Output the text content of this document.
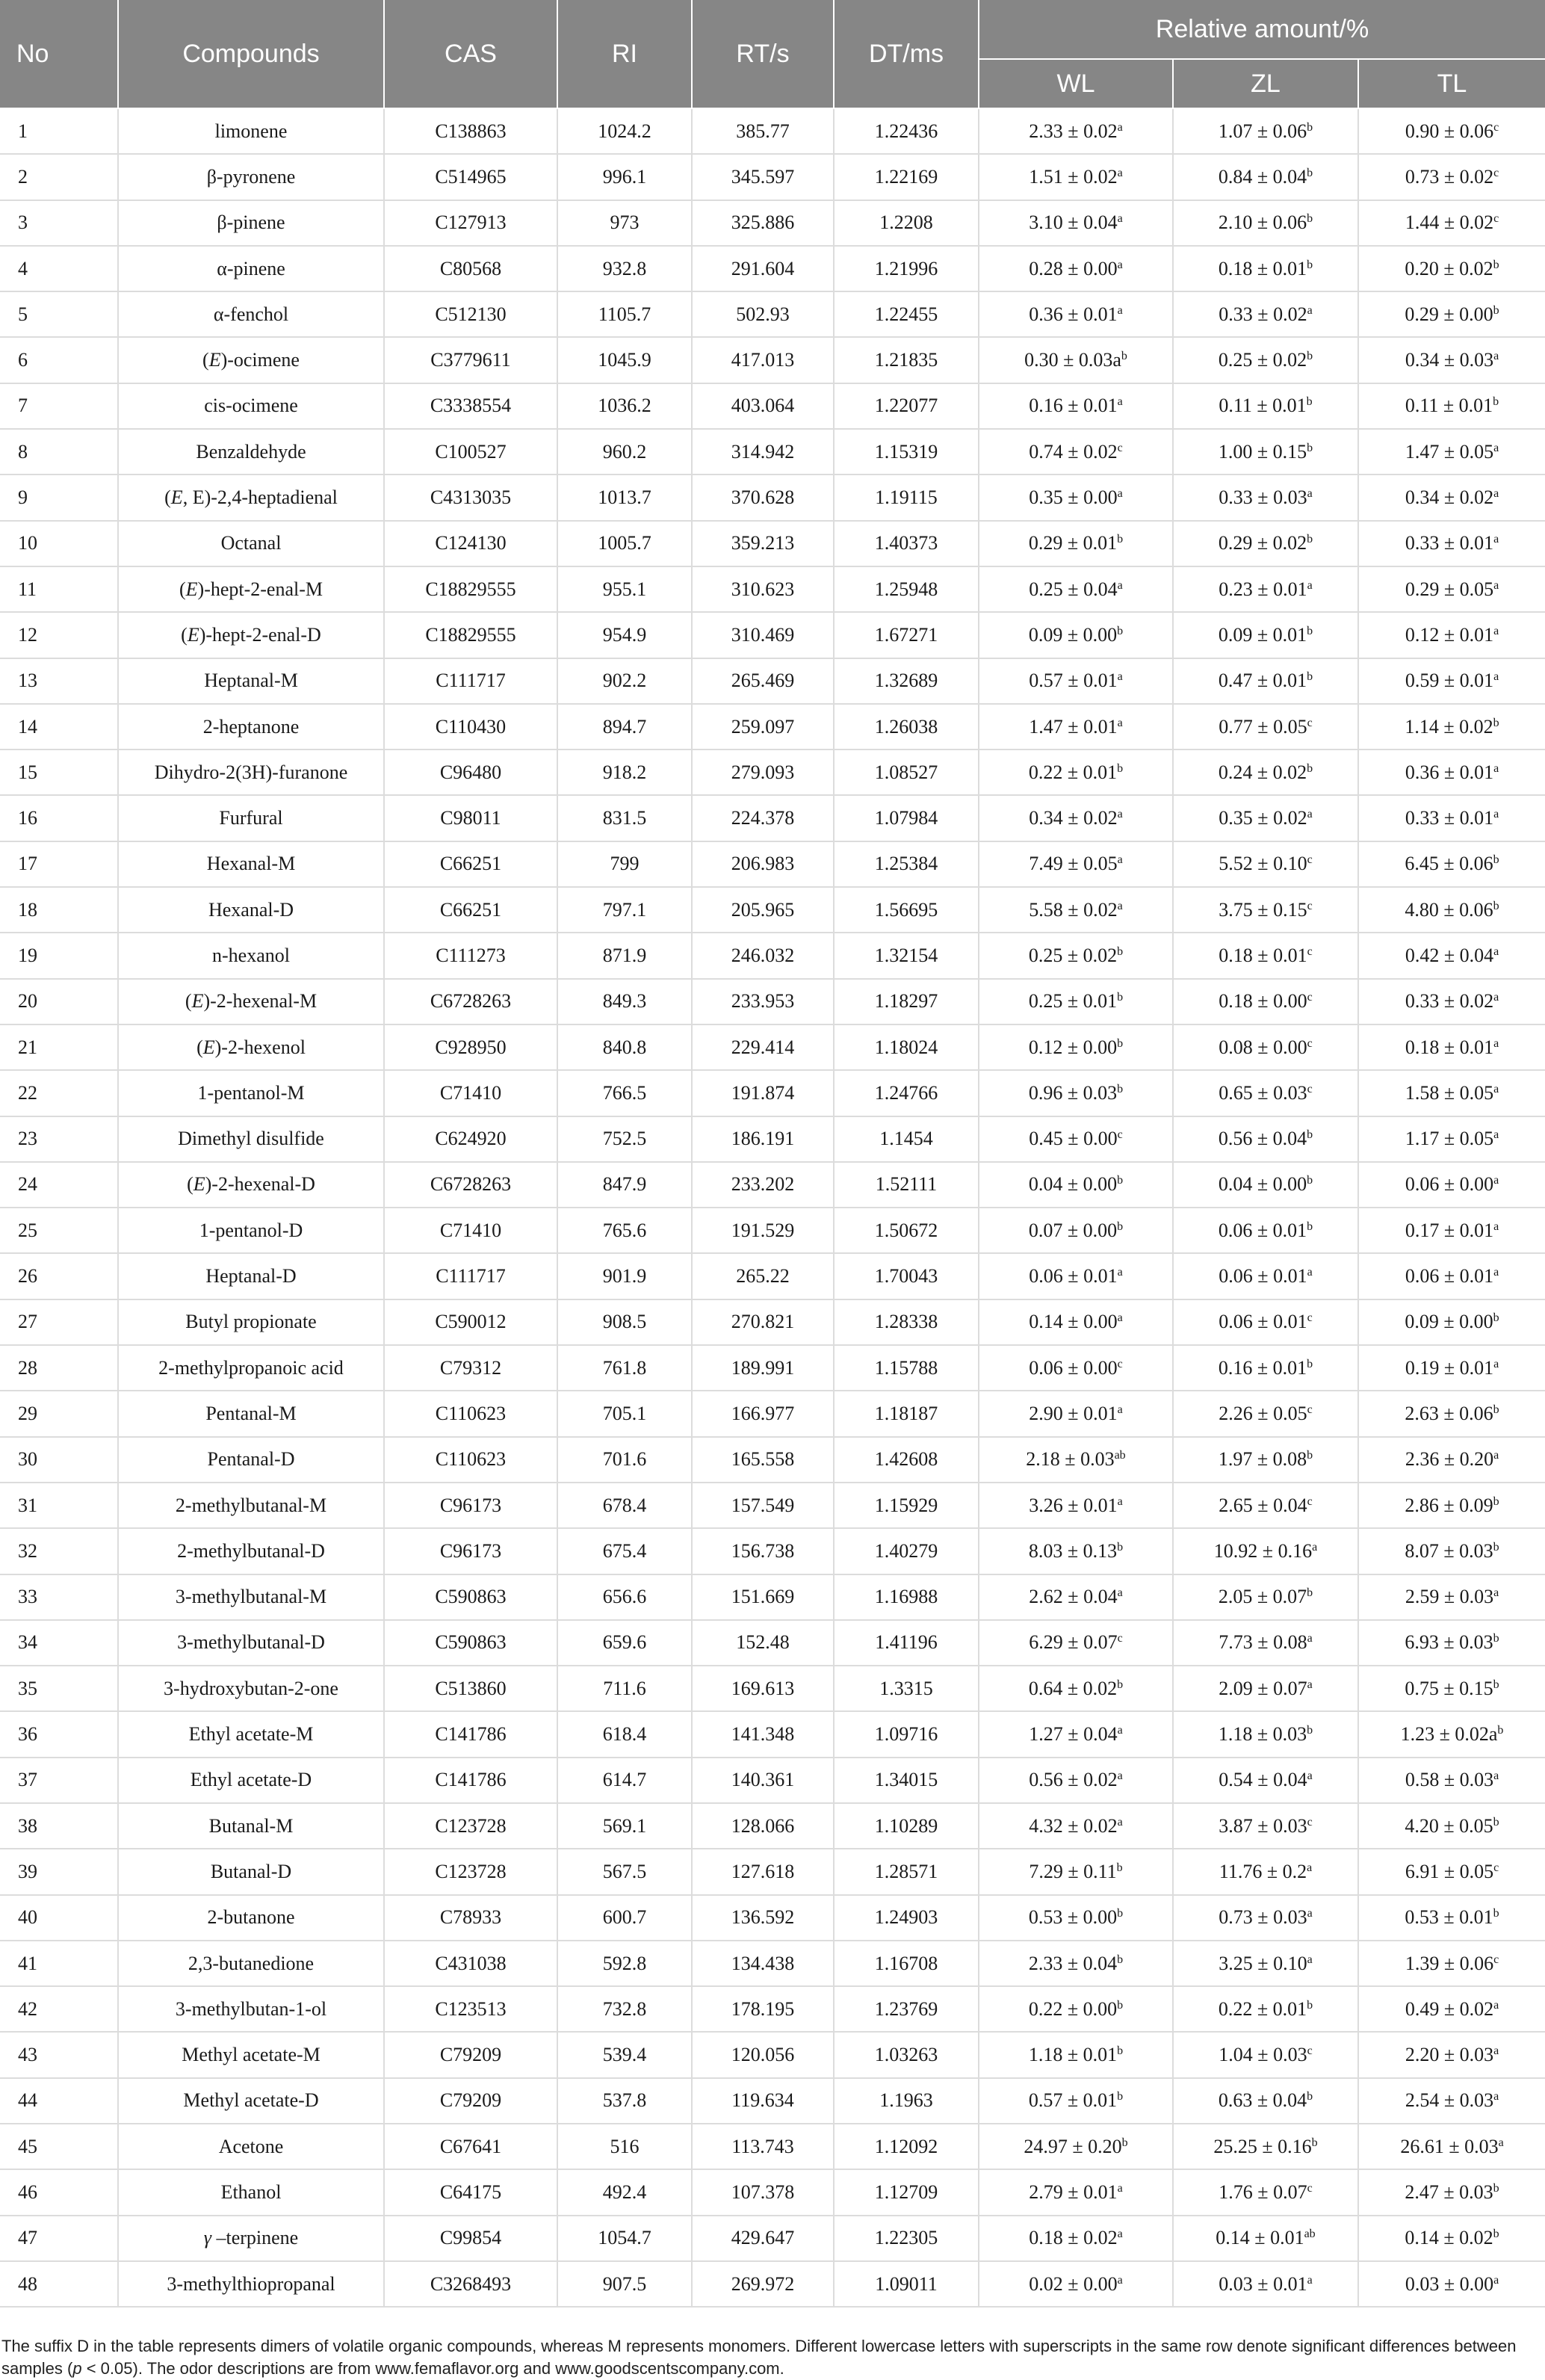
No	Compounds	CAS	RI	RT/s	DT/ms	Relative amount/%		
						WL	ZL	TL
1	limonene	C138863	1024.2	385.77	1.22436	2.33 ± 0.02$^a$	1.07 ± 0.06$^b$	0.90 ± 0.06$^c$
2	β-pyronene	C514965	996.1	345.597	1.22169	1.51 ± 0.02$^a$	0.84 ± 0.04$^b$	0.73 ± 0.02$^c$
3	β-pinene	C127913	973	325.886	1.2208	3.10 ± 0.04$^a$	2.10 ± 0.06$^b$	1.44 ± 0.02$^c$
4	α-pinene	C80568	932.8	291.604	1.21996	0.28 ± 0.00$^a$	0.18 ± 0.01$^b$	0.20 ± 0.02$^b$
5	α-fenchol	C512130	1105.7	502.93	1.22455	0.36 ± 0.01$^a$	0.33 ± 0.02$^a$	0.29 ± 0.00$^b$
6	(E)-ocimene	C3779611	1045.9	417.013	1.21835	$0.30 \pm 0.03a^b$	0.25 ± 0.02$^b$	0.34 ± 0.03$^a$
7	cis-ocimene	C3338554	1036.2	403.064	1.22077	0.16 ± 0.01$^a$	0.11 ± 0.01$^b$	0.11 ± 0.01$^b$
8	Benzaldehyde	C100527	960.2	314.942	1.15319	0.74 ± 0.02$^c$	1.00 ± 0.15$^b$	1.47 ± 0.05$^a$
9	(E, E)-2,4-heptadienal	C4313035	1013.7	370.628	1.19115	0.35 ± 0.00$^a$	0.33 ± 0.03$^a$	0.34 ± 0.02$^a$
10	Octanal	C124130	1005.7	359.213	1.40373	0.29 ± 0.01$^b$	0.29 ± 0.02$^b$	0.33 ± 0.01$^a$
11	(E)-hept-2-enal-M	C18829555	955.1	310.623	1.25948	0.25 ± 0.04$^a$	0.23 ± 0.01$^a$	0.29 ± 0.05$^a$
12	(E)-hept-2-enal-D	C18829555	954.9	310.469	1.67271	0.09 ± 0.00$^b$	0.09 ± 0.01$^b$	0.12 ± 0.01$^a$
13	Heptanal-M	C111717	902.2	265.469	1.32689	0.57 ± 0.01$^a$	0.47 ± 0.01$^b$	0.59 ± 0.01$^a$
14	2-heptanone	C110430	894.7	259.097	1.26038	1.47 ± 0.01$^a$	0.77 ± 0.05$^c$	1.14 ± 0.02$^b$
15	Dihydro-2(3H)-furanone	C96480	918.2	279.093	1.08527	0.22 ± 0.01$^b$	0.24 ± 0.02$^b$	0.36 ± 0.01$^a$
16	Furfural	C98011	831.5	224.378	1.07984	0.34 ± 0.02$^a$	0.35 ± 0.02$^a$	0.33 ± 0.01$^a$
17	Hexanal-M	C66251	799	206.983	1.25384	7.49 ± 0.05$^a$	5.52 ± 0.10$^c$	6.45 ± 0.06$^b$
18	Hexanal-D	C66251	797.1	205.965	1.56695	5.58 ± 0.02$^a$	3.75 ± 0.15$^c$	4.80 ± 0.06$^b$
19	n-hexanol	C111273	871.9	246.032	1.32154	0.25 ± 0.02$^b$	0.18 ± 0.01$^c$	0.42 ± 0.04$^a$
20	(E)-2-hexenal-M	C6728263	849.3	233.953	1.18297	0.25 ± 0.01$^b$	0.18 ± 0.00$^c$	0.33 ± 0.02$^a$
21	(E)-2-hexenol	C928950	840.8	229.414	1.18024	0.12 ± 0.00$^b$	0.08 ± 0.00$^c$	0.18 ± 0.01$^a$
22	1-pentanol-M	C71410	766.5	191.874	1.24766	0.96 ± 0.03$^b$	0.65 ± 0.03$^c$	1.58 ± 0.05$^a$
23	Dimethyl disulfide	C624920	752.5	186.191	1.1454	0.45 ± 0.00$^c$	0.56 ± 0.04$^b$	1.17 ± 0.05$^a$
24	(E)-2-hexenal-D	C6728263	847.9	233.202	1.52111	0.04 ± 0.00$^b$	0.04 ± 0.00$^b$	0.06 ± 0.00$^a$
25	1-pentanol-D	C71410	765.6	191.529	1.50672	0.07 ± 0.00$^b$	0.06 ± 0.01$^b$	0.17 ± 0.01$^a$
26	Heptanal-D	C111717	901.9	265.22	1.70043	0.06 ± 0.01$^a$	0.06 ± 0.01$^a$	0.06 ± 0.01$^a$
27	Butyl propionate	C590012	908.5	270.821	1.28338	0.14 ± 0.00$^a$	0.06 ± 0.01$^c$	0.09 ± 0.00$^b$
28	2-methylpropanoic acid	C79312	761.8	189.991	1.15788	0.06 ± 0.00$^c$	0.16 ± 0.01$^b$	0.19 ± 0.01$^a$
29	Pentanal-M	C110623	705.1	166.977	1.18187	2.90 ± 0.01$^a$	2.26 ± 0.05$^c$	2.63 ± 0.06$^b$
30	Pentanal-D	C110623	701.6	165.558	1.42608	2.18 ± 0.03$^{ab}$	1.97 ± 0.08$^b$	2.36 ± 0.20$^a$
31	2-methylbutanal-M	C96173	678.4	157.549	1.15929	3.26 ± 0.01$^a$	2.65 ± 0.04$^c$	2.86 ± 0.09$^b$
32	2-methylbutanal-D	C96173	675.4	156.738	1.40279	8.03 ± 0.13$^b$	10.92 ± 0.16$^a$	8.07 ± 0.03$^b$
33	3-methylbutanal-M	C590863	656.6	151.669	1.16988	2.62 ± 0.04$^a$	2.05 ± 0.07$^b$	2.59 ± 0.03$^a$
34	3-methylbutanal-D	C590863	659.6	152.48	1.41196	6.29 ± 0.07$^c$	7.73 ± 0.08$^a$	6.93 ± 0.03$^b$
35	3-hydroxybutan-2-one	C513860	711.6	169.613	1.3315	0.64 ± 0.02$^b$	2.09 ± 0.07$^a$	0.75 ± 0.15$^b$
36	Ethyl acetate-M	C141786	618.4	141.348	1.09716	1.27 ± 0.04$^a$	1.18 ± 0.03$^b$	$1.23 \pm 0.02a^b$
37	Ethyl acetate-D	C141786	614.7	140.361	1.34015	0.56 ± 0.02$^a$	0.54 ± 0.04$^a$	0.58 ± 0.03$^a$
38	Butanal-M	C123728	569.1	128.066	1.10289	4.32 ± 0.02$^a$	3.87 ± 0.03$^c$	4.20 ± 0.05$^b$
39	Butanal-D	C123728	567.5	127.618	1.28571	7.29 ± 0.11$^b$	11.76 ± 0.2$^a$	6.91 ± 0.05$^c$
40	2-butanone	C78933	600.7	136.592	1.24903	0.53 ± 0.00$^b$	0.73 ± 0.03$^a$	0.53 ± 0.01$^b$
41	2,3-butanedione	C431038	592.8	134.438	1.16708	2.33 ± 0.04$^b$	3.25 ± 0.10$^a$	1.39 ± 0.06$^c$
42	3-methylbutan-1-ol	C123513	732.8	178.195	1.23769	0.22 ± 0.00$^b$	0.22 ± 0.01$^b$	0.49 ± 0.02$^a$
43	Methyl acetate-M	C79209	539.4	120.056	1.03263	1.18 ± 0.01$^b$	1.04 ± 0.03$^c$	2.20 ± 0.03$^a$
44	Methyl acetate-D	C79209	537.8	119.634	1.1963	0.57 ± 0.01$^b$	0.63 ± 0.04$^b$	2.54 ± 0.03$^a$
45	Acetone	C67641	516	113.743	1.12092	24.97 ± 0.20$^b$	25.25 ± 0.16$^b$	26.61 ± 0.03$^a$
46	Ethanol	C64175	492.4	107.378	1.12709	2.79 ± 0.01$^a$	1.76 ± 0.07$^c$	2.47 ± 0.03$^b$
47	γ –terpinene	C99854	1054.7	429.647	1.22305	0.18 ± 0.02$^a$	0.14 ± 0.01$^{ab}$	0.14 ± 0.02$^b$
48	3-methylthiopropanal	C3268493	907.5	269.972	1.09011	0.02 ± 0.00$^a$	0.03 ± 0.01$^a$	0.03 ± 0.00$^a$
The suffix D in the table represents dimers of volatile organic compounds, whereas M represents monomers. Different lowercase letters with superscripts in the same row denote significant differences between samples (p < 0.05). The odor descriptions are from www.femaflavor.org and www.goodscentscompany.com.
